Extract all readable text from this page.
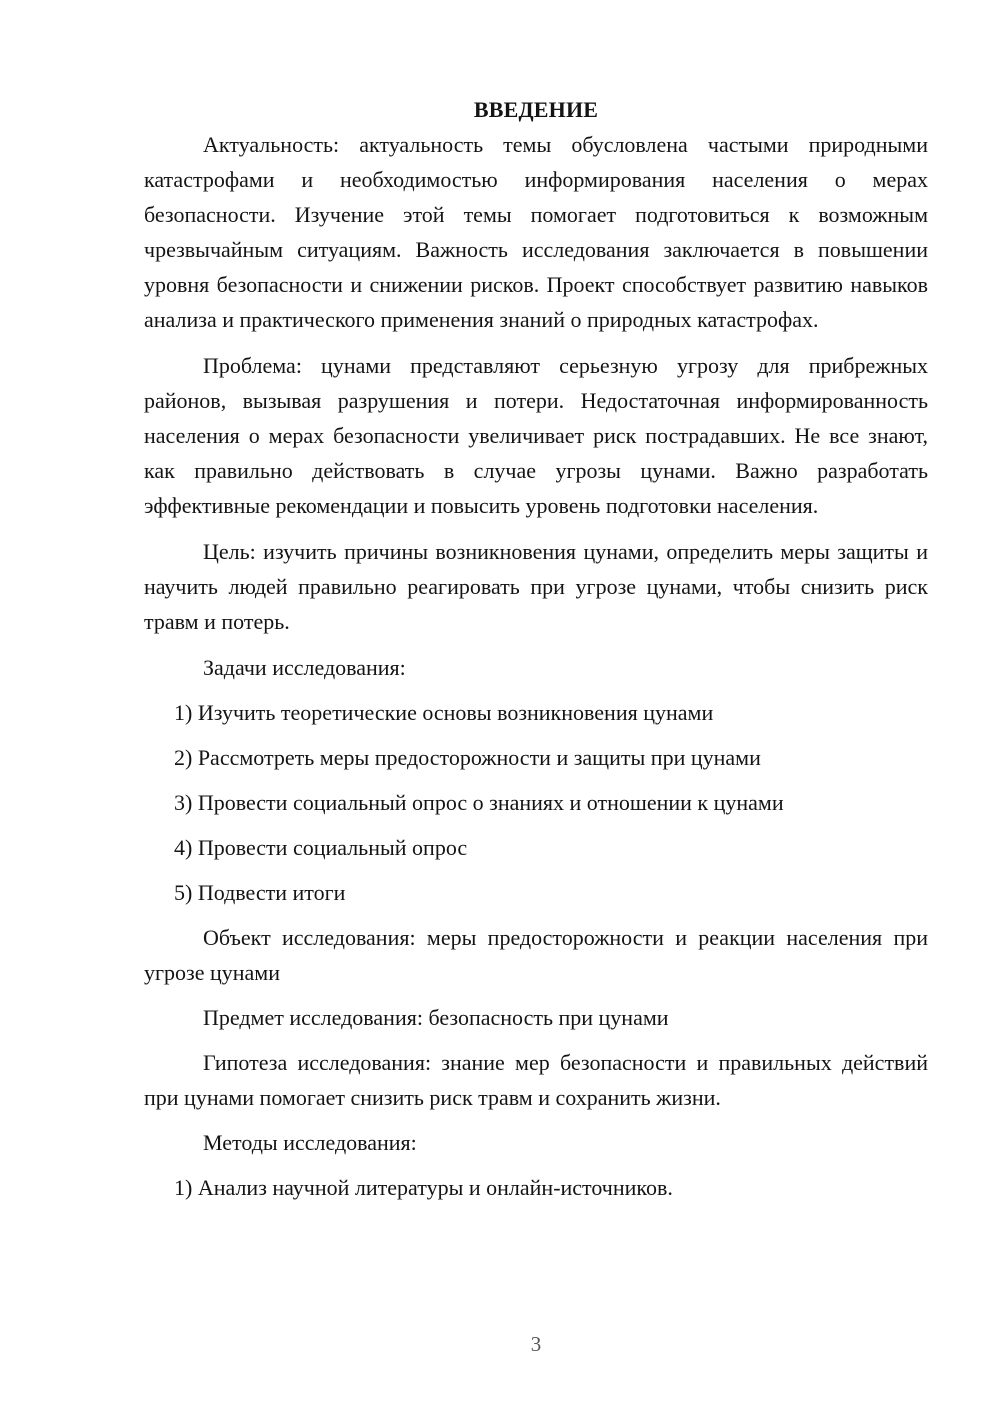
ВВЕДЕНИЕ

Актуальность: актуальность темы обусловлена частыми природными катастрофами и необходимостью информирования населения о мерах безопасности. Изучение этой темы помогает подготовиться к возможным чрезвычайным ситуациям. Важность исследования заключается в повышении уровня безопасности и снижении рисков. Проект способствует развитию навыков анализа и практического применения знаний о природных катастрофах.

Проблема: цунами представляют серьезную угрозу для прибрежных районов, вызывая разрушения и потери. Недостаточная информированность населения о мерах безопасности увеличивает риск пострадавших. Не все знают, как правильно действовать в случае угрозы цунами. Важно разработать эффективные рекомендации и повысить уровень подготовки населения.

Цель: изучить причины возникновения цунами, определить меры защиты и научить людей правильно реагировать при угрозе цунами, чтобы снизить риск травм и потерь.

Задачи исследования:

1) Изучить теоретические основы возникновения цунами

2) Рассмотреть меры предосторожности и защиты при цунами

3) Провести социальный опрос о знаниях и отношении к цунами

4) Провести социальный опрос

5) Подвести итоги

Объект исследования: меры предосторожности и реакции населения при угрозе цунами

Предмет исследования: безопасность при цунами

Гипотеза исследования: знание мер безопасности и правильных действий при цунами помогает снизить риск травм и сохранить жизни.

Методы исследования:

1) Анализ научной литературы и онлайн-источников.

3
